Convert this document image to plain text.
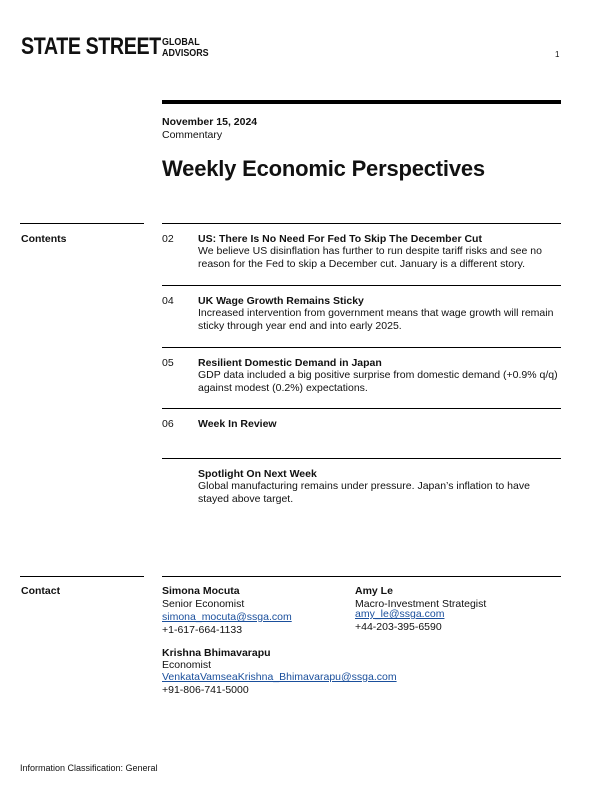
STATE STREET GLOBAL
ADVISORS	1
November 15, 2024
Commentary
Weekly Economic Perspectives
Contents	02 US: There Is No Need For Fed To Skip The December Cut
We believe US disinflation has further to run despite tariff risks and see no reason for the Fed to skip a December cut. January is a different story.
04 UK Wage Growth Remains Sticky
Increased intervention from government means that wage growth will remain sticky through year end and into early 2025.
05 Resilient Domestic Demand in Japan
GDP data included a big positive surprise from domestic demand (+0.9% q/q) against modest (0.2%) expectations.
06 Week In Review
Spotlight On Next Week
Global manufacturing remains under pressure. Japan’s inflation to have stayed above target.
Contact	Simona Mocuta
Senior Economist
simona_mocuta@ssga.com
+1-617-664-1133
Amy Le
Macro-Investment Strategist
amy_le@ssga.com
+44-203-395-6590
Krishna Bhimavarapu
Economist
VenkataVamseaKrishna_Bhimavarapu@ssga.com
+91-806-741-5000
Information Classification: General
